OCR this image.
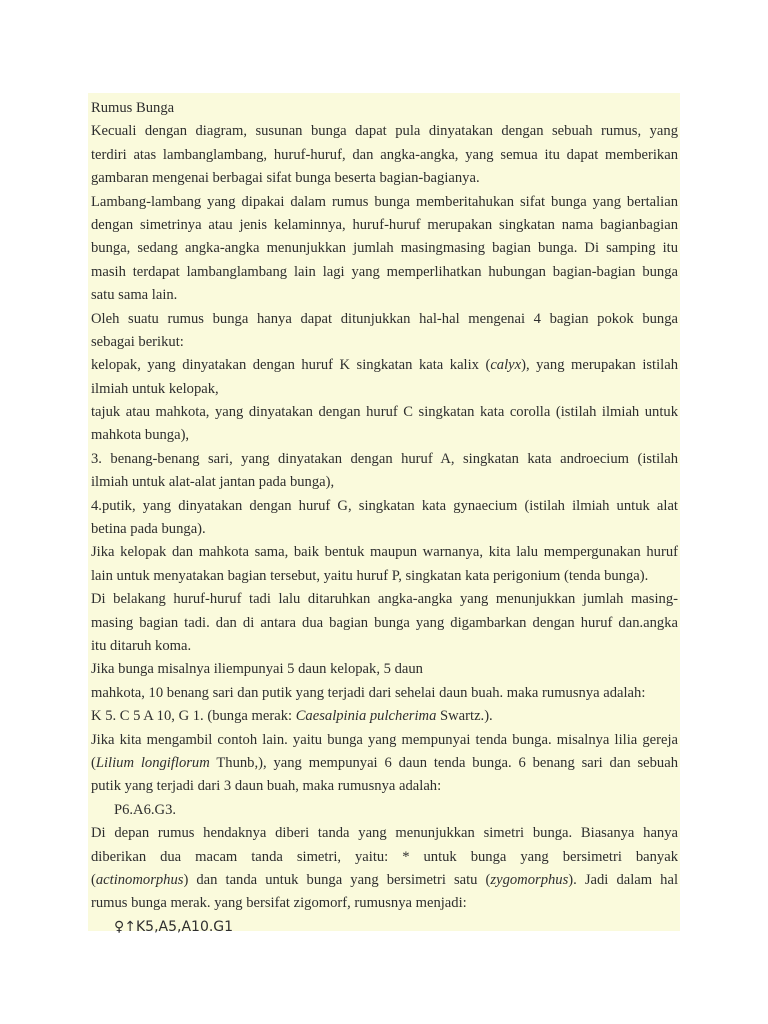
Rumus Bunga
Kecuali dengan diagram, susunan bunga dapat pula dinyatakan dengan sebuah rumus, yang
terdiri atas lambanglambang, huruf-huruf, dan angka-angka, yang semua itu dapat memberikan
gambaran mengenai berbagai sifat bunga beserta bagian-bagianya.
Lambang-lambang yang dipakai dalam rumus bunga memberitahukan sifat bunga yang bertalian
dengan simetrinya atau jenis kelaminnya, huruf-huruf merupakan singkatan nama bagianbagian
bunga, sedang angka-angka menunjukkan jumlah masingmasing bagian bunga. Di samping itu
masih terdapat lambanglambang lain lagi yang memperlihatkan hubungan bagian-bagian bunga
satu sama lain.
Oleh suatu rumus bunga hanya dapat ditunjukkan hal-hal mengenai 4 bagian pokok bunga
sebagai berikut:
kelopak, yang dinyatakan dengan huruf K singkatan kata kalix (calyx), yang merupakan istilah
ilmiah untuk kelopak,
tajuk atau mahkota, yang dinyatakan dengan huruf C singkatan kata corolla (istilah ilmiah untuk
mahkota bunga),
3. benang-benang sari, yang dinyatakan dengan huruf A, singkatan kata androecium (istilah
ilmiah untuk alat-alat jantan pada bunga),
4.putik, yang dinyatakan dengan huruf G, singkatan kata gynaecium (istilah ilmiah untuk alat
betina pada bunga).
Jika kelopak dan mahkota sama, baik bentuk maupun warnanya, kita lalu mempergunakan huruf
lain untuk menyatakan bagian tersebut, yaitu huruf P, singkatan kata perigonium (tenda bunga).
Di belakang huruf-huruf tadi lalu ditaruhkan angka-angka yang menunjukkan jumlah masing-
masing bagian tadi. dan di antara dua bagian bunga yang digambarkan dengan huruf dan.angka
itu ditaruh koma.
Jika bunga misalnya iliempunyai 5 daun kelopak, 5 daun
mahkota, 10 benang sari dan putik yang terjadi dari sehelai daun buah. maka rumusnya adalah:
K 5. C 5 A 10, G 1. (bunga merak: Caesalpinia pulcherima Swartz.).
Jika kita mengambil contoh lain. yaitu bunga yang mempunyai tenda bunga. misalnya lilia gereja
(Lilium longiflorum Thunb,), yang mempunyai 6 daun tenda bunga. 6 benang sari dan sebuah
putik yang terjadi dari 3 daun buah, maka rumusnya adalah:
P6.A6.G3.
Di depan rumus hendaknya diberi tanda yang menunjukkan simetri bunga. Biasanya hanya
diberikan dua macam tanda simetri, yaitu: * untuk bunga yang bersimetri banyak
(actinomorphus) dan tanda untuk bunga yang bersimetri satu (zygomorphus). Jadi dalam hal
rumus bunga merak. yang bersifat zigomorf, rumusnya menjadi:
♀↑K5,A5,A10.G1
